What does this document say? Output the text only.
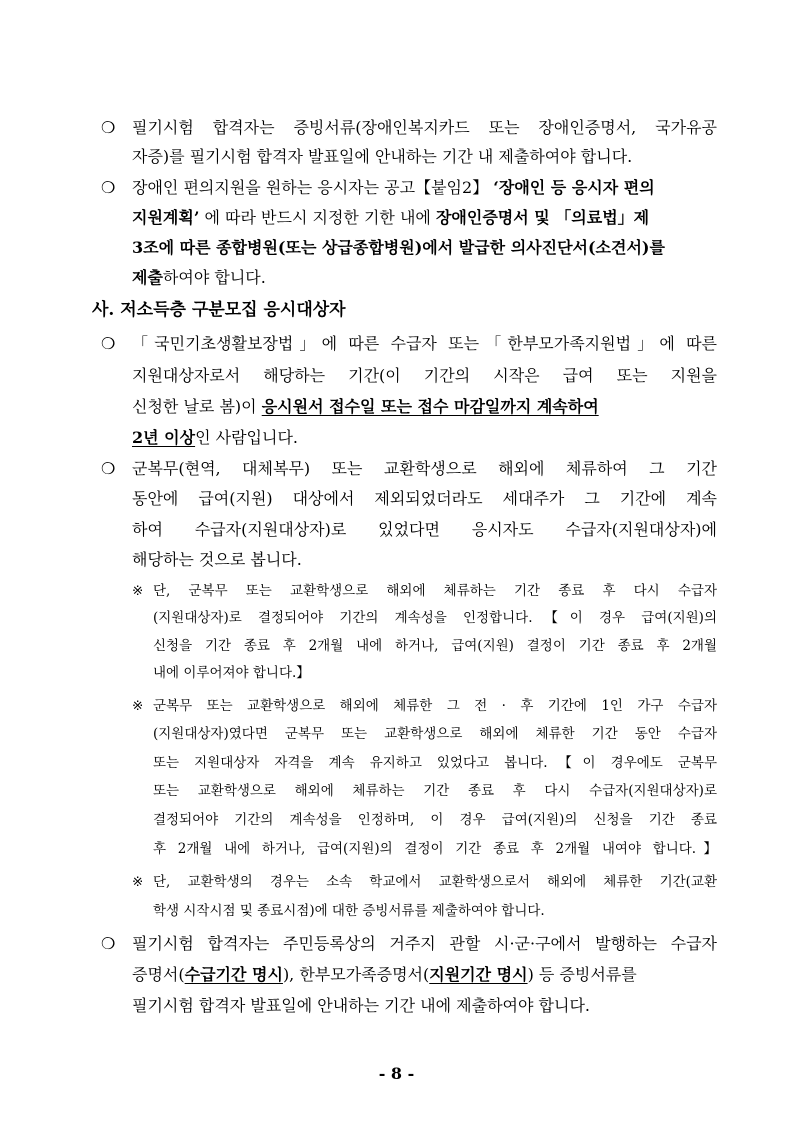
❍ 필기시험 합격자는 증빙서류(장애인복지카드 또는 장애인증명서, 국가유공
자증)를 필기시험 합격자 발표일에 안내하는 기간 내 제출하여야 합니다.
❍ 장애인 편의지원을 원하는 응시자는 공고【붙임2】 ‘장애인 등 응시자 편의
지원계획’ 에 따라 반드시 지정한 기한 내에 장애인증명서 및 「의료법」제
3조에 따른 종합병원(또는 상급종합병원)에서 발급한 의사진단서(소견서)를
제출하여야 합니다.
사. 저소득층 구분모집 응시대상자
❍ 「국민기초생활보장법」에 따른 수급자 또는「한부모가족지원법」에 따른
지원대상자로서 해당하는 기간(이 기간의 시작은 급여 또는 지원을
신청한 날로 봄)이 응시원서 접수일 또는 접수 마감일까지 계속하여
2년 이상인 사람입니다.
❍ 군복무(현역, 대체복무) 또는 교환학생으로 해외에 체류하여 그 기간
동안에 급여(지원) 대상에서 제외되었더라도 세대주가 그 기간에 계속
하여 수급자(지원대상자)로 있었다면 응시자도 수급자(지원대상자)에
해당하는 것으로 봅니다.
※ 단, 군복무 또는 교환학생으로 해외에 체류하는 기간 종료 후 다시 수급자
(지원대상자)로 결정되어야 기간의 계속성을 인정합니다.【이 경우 급여(지원)의
신청을 기간 종료 후 2개월 내에 하거나, 급여(지원) 결정이 기간 종료 후 2개월
내에 이루어져야 합니다.】
※ 군복무 또는 교환학생으로 해외에 체류한 그 전 · 후 기간에 1인 가구 수급자
(지원대상자)였다면 군복무 또는 교환학생으로 해외에 체류한 기간 동안 수급자
또는 지원대상자 자격을 계속 유지하고 있었다고 봅니다.【이 경우에도 군복무
또는 교환학생으로 해외에 체류하는 기간 종료 후 다시 수급자(지원대상자)로
결정되어야 기간의 계속성을 인정하며, 이 경우 급여(지원)의 신청을 기간 종료
후 2개월 내에 하거나, 급여(지원)의 결정이 기간 종료 후 2개월 내여야 합니다.】
※ 단, 교환학생의 경우는 소속 학교에서 교환학생으로서 해외에 체류한 기간(교환
학생 시작시점 및 종료시점)에 대한 증빙서류를 제출하여야 합니다.
❍ 필기시험 합격자는 주민등록상의 거주지 관할 시·군·구에서 발행하는 수급자
증명서(수급기간 명시), 한부모가족증명서(지원기간 명시) 등 증빙서류를
필기시험 합격자 발표일에 안내하는 기간 내에 제출하여야 합니다.
- 8 -
